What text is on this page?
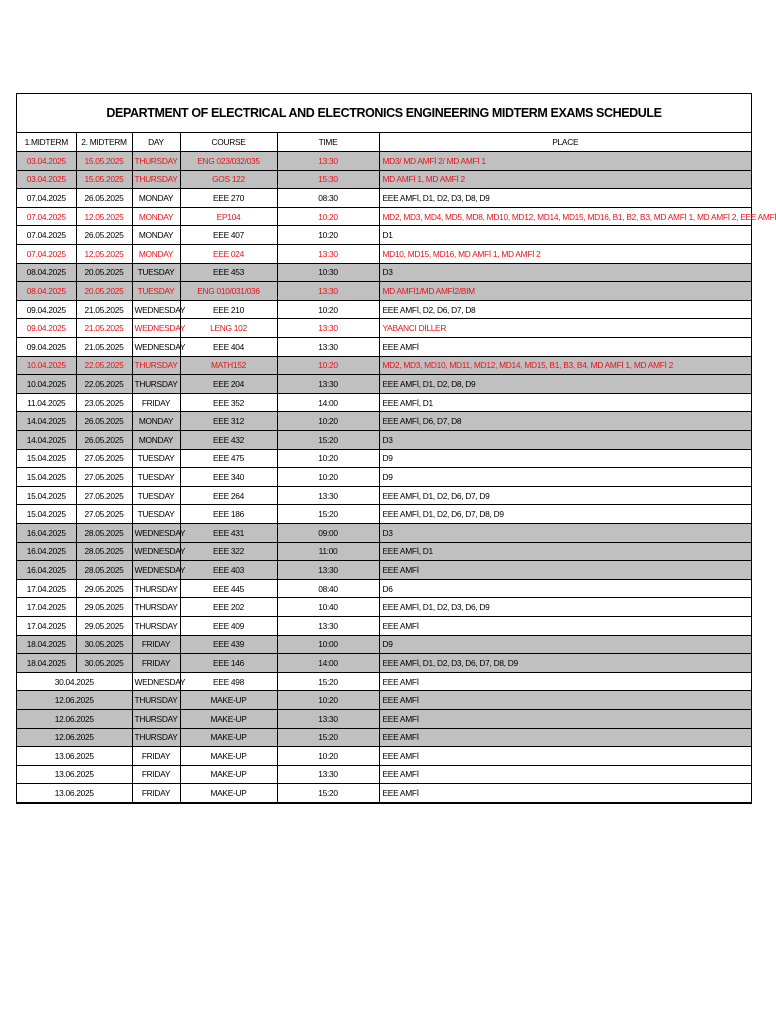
DEPARTMENT OF ELECTRICAL AND ELECTRONICS ENGINEERING MIDTERM EXAMS SCHEDULE
1.MIDTERM	2. MIDTERM	DAY	COURSE	TIME	PLACE
03.04.2025	15.05.2025	THURSDAY	ENG 023/032/035	13:30	MD3/ MD AMFİ 2/ MD AMFİ 1
03.04.2025	15.05.2025	THURSDAY	GOS 122	15:30	MD AMFİ 1, MD AMFİ 2
07.04.2025	26.05.2025	MONDAY	EEE 270	08:30	EEE AMFİ, D1, D2, D3, D8, D9
07.04.2025	12.05.2025	MONDAY	EP104	10:20	MD2, MD3, MD4, MD5, MD8, MD10, MD12, MD14, MD15, MD16, B1, B2, B3, MD AMFİ 1, MD AMFİ 2, EEE AMFİ
07.04.2025	26.05.2025	MONDAY	EEE 407	10:20	D1
07.04.2025	12.05.2025	MONDAY	EEE 024	13:30	MD10, MD15, MD16, MD AMFİ 1, MD AMFİ 2
08.04.2025	20.05.2025	TUESDAY	EEE 453	10:30	D3
08.04.2025	20.05.2025	TUESDAY	ENG 010/031/036	13:30	MD AMFİ1/MD AMFİ2/BIM
09.04.2025	21.05.2025	WEDNESDAY	EEE 210	10:20	EEE AMFİ, D2, D6, D7, D8
09.04.2025	21.05.2025	WEDNESDAY	LENG 102	13:30	YABANCI DİLLER
09.04.2025	21.05.2025	WEDNESDAY	EEE 404	13:30	EEE AMFİ
10.04.2025	22.05.2025	THURSDAY	MATH152	10:20	MD2, MD3, MD10, MD11, MD12, MD14, MD15, B1, B3, B4, MD AMFİ 1, MD AMFİ 2
10.04.2025	22.05.2025	THURSDAY	EEE 204	13:30	EEE AMFİ, D1, D2, D8, D9
11.04.2025	23.05.2025	FRIDAY	EEE 352	14:00	EEE AMFİ, D1
14.04.2025	26.05.2025	MONDAY	EEE 312	10:20	EEE AMFİ, D6, D7, D8
14.04.2025	26.05.2025	MONDAY	EEE 432	15:20	D3
15.04.2025	27.05.2025	TUESDAY	EEE 475	10:20	D9
15.04.2025	27.05.2025	TUESDAY	EEE 340	10:20	D9
15.04.2025	27.05.2025	TUESDAY	EEE 264	13:30	EEE AMFİ, D1, D2, D6, D7, D9
15.04.2025	27.05.2025	TUESDAY	EEE 186	15:20	EEE AMFİ, D1, D2, D6, D7, D8, D9
16.04.2025	28.05.2025	WEDNESDAY	EEE 431	09:00	D3
16.04.2025	28.05.2025	WEDNESDAY	EEE 322	11:00	EEE AMFİ, D1
16.04.2025	28.05.2025	WEDNESDAY	EEE 403	13:30	EEE AMFİ
17.04.2025	29.05.2025	THURSDAY	EEE 445	08:40	D6
17.04.2025	29.05.2025	THURSDAY	EEE 202	10:40	EEE AMFİ, D1, D2, D3, D6, D9
17.04.2025	29.05.2025	THURSDAY	EEE 409	13:30	EEE AMFİ
18.04.2025	30.05.2025	FRIDAY	EEE 439	10:00	D9
18.04.2025	30.05.2025	FRIDAY	EEE 146	14:00	EEE AMFİ, D1, D2, D3, D6, D7, D8, D9
30.04.2025		WEDNESDAY	EEE 498	15:20	EEE AMFİ
12.06.2025		THURSDAY	MAKE-UP	10:20	EEE AMFİ
12.06.2025		THURSDAY	MAKE-UP	13:30	EEE AMFİ
12.06.2025		THURSDAY	MAKE-UP	15:20	EEE AMFİ
13.06.2025		FRIDAY	MAKE-UP	10:20	EEE AMFİ
13.06.2025		FRIDAY	MAKE-UP	13:30	EEE AMFİ
13.06.2025		FRIDAY	MAKE-UP	15:20	EEE AMFİ
